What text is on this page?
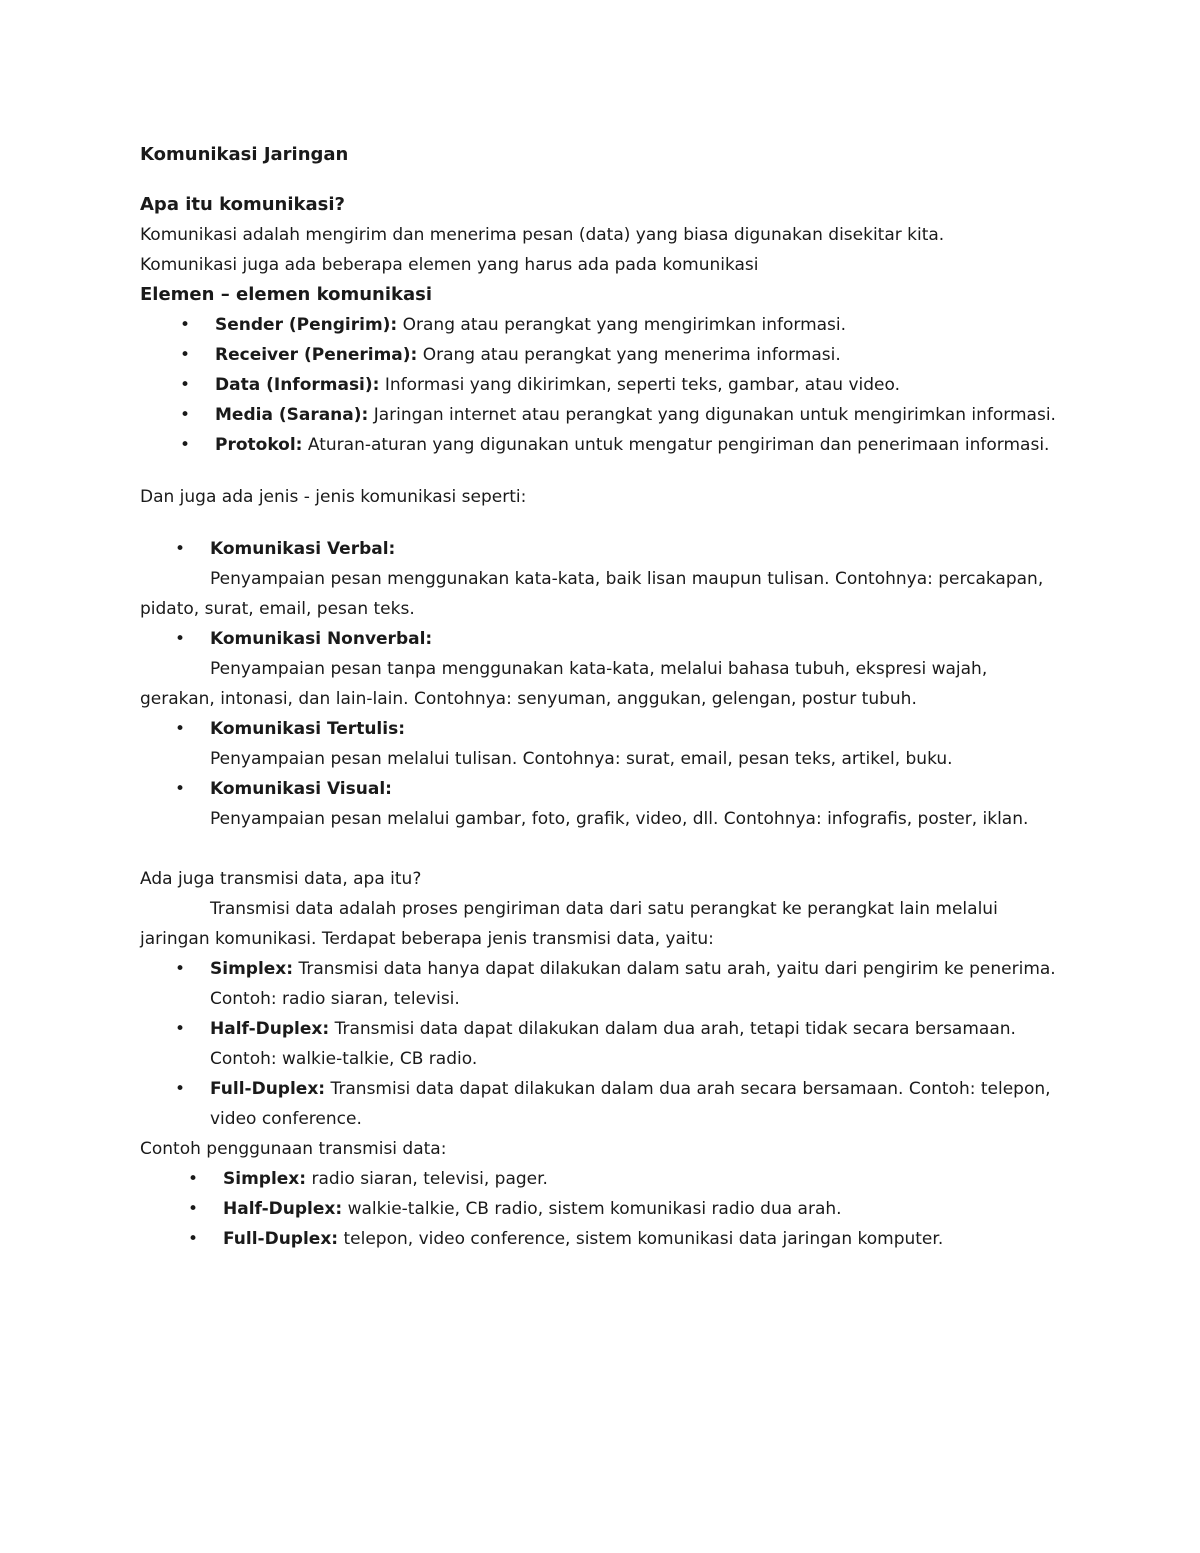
Komunikasi Jaringan
Apa itu komunikasi?

Komunikasi adalah mengirim dan menerima pesan (data) yang biasa digunakan disekitar kita.

Komunikasi juga ada beberapa elemen yang harus ada pada komunikasi

Elemen – elemen komunikasi
• Sender (Pengirim): Orang atau perangkat yang mengirimkan informasi.
• Receiver (Penerima): Orang atau perangkat yang menerima informasi.
• Data (Informasi): Informasi yang dikirimkan, seperti teks, gambar, atau video.
• Media (Sarana): Jaringan internet atau perangkat yang digunakan untuk mengirimkan informasi.
• Protokol: Aturan-aturan yang digunakan untuk mengatur pengiriman dan penerimaan informasi.

Dan juga ada jenis - jenis komunikasi seperti:

• Komunikasi Verbal:

Penyampaian pesan menggunakan kata-kata, baik lisan maupun tulisan. Contohnya: percakapan,

pidato, surat, email, pesan teks.

• Komunikasi Nonverbal:

Penyampaian pesan tanpa menggunakan kata-kata, melalui bahasa tubuh, ekspresi wajah,

gerakan, intonasi, dan lain-lain. Contohnya: senyuman, anggukan, gelengan, postur tubuh.

• Komunikasi Tertulis:

Penyampaian pesan melalui tulisan. Contohnya: surat, email, pesan teks, artikel, buku.

• Komunikasi Visual:

Penyampaian pesan melalui gambar, foto, grafik, video, dll. Contohnya: infografis, poster, iklan.

Ada juga transmisi data, apa itu?

Transmisi data adalah proses pengiriman data dari satu perangkat ke perangkat lain melalui

jaringan komunikasi. Terdapat beberapa jenis transmisi data, yaitu:

• Simplex: Transmisi data hanya dapat dilakukan dalam satu arah, yaitu dari pengirim ke penerima. Contoh: radio siaran, televisi.
• Half-Duplex: Transmisi data dapat dilakukan dalam dua arah, tetapi tidak secara bersamaan. Contoh: walkie-talkie, CB radio.
• Full-Duplex: Transmisi data dapat dilakukan dalam dua arah secara bersamaan. Contoh: telepon, video conference.

Contoh penggunaan transmisi data:

• Simplex: radio siaran, televisi, pager.
• Half-Duplex: walkie-talkie, CB radio, sistem komunikasi radio dua arah.
• Full-Duplex: telepon, video conference, sistem komunikasi data jaringan komputer.
